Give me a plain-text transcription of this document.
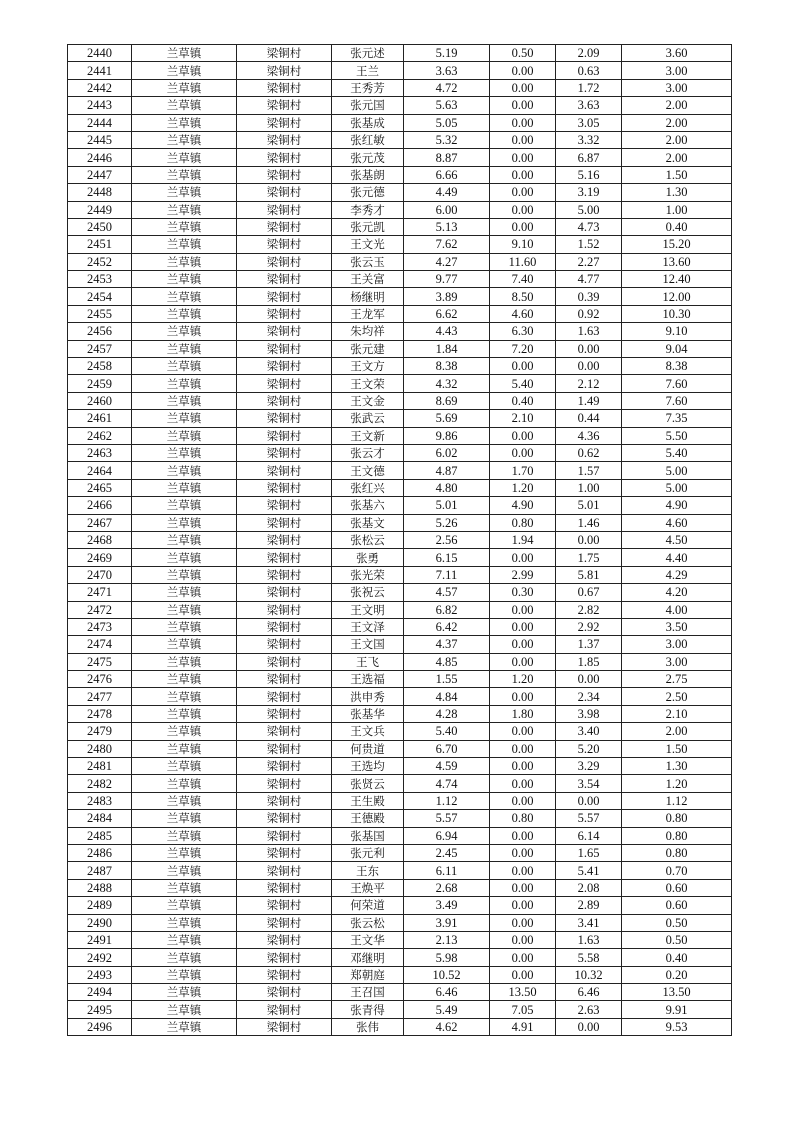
2440	兰草镇	梁铜村	张元述	5.19	0.50	2.09	3.60
2441	兰草镇	梁铜村	王兰	3.63	0.00	0.63	3.00
2442	兰草镇	梁铜村	王秀芳	4.72	0.00	1.72	3.00
2443	兰草镇	梁铜村	张元国	5.63	0.00	3.63	2.00
2444	兰草镇	梁铜村	张基成	5.05	0.00	3.05	2.00
2445	兰草镇	梁铜村	张红敏	5.32	0.00	3.32	2.00
2446	兰草镇	梁铜村	张元茂	8.87	0.00	6.87	2.00
2447	兰草镇	梁铜村	张基朗	6.66	0.00	5.16	1.50
2448	兰草镇	梁铜村	张元德	4.49	0.00	3.19	1.30
2449	兰草镇	梁铜村	李秀才	6.00	0.00	5.00	1.00
2450	兰草镇	梁铜村	张元凯	5.13	0.00	4.73	0.40
2451	兰草镇	梁铜村	王文光	7.62	9.10	1.52	15.20
2452	兰草镇	梁铜村	张云玉	4.27	11.60	2.27	13.60
2453	兰草镇	梁铜村	王关富	9.77	7.40	4.77	12.40
2454	兰草镇	梁铜村	杨继明	3.89	8.50	0.39	12.00
2455	兰草镇	梁铜村	王龙军	6.62	4.60	0.92	10.30
2456	兰草镇	梁铜村	朱均祥	4.43	6.30	1.63	9.10
2457	兰草镇	梁铜村	张元建	1.84	7.20	0.00	9.04
2458	兰草镇	梁铜村	王文方	8.38	0.00	0.00	8.38
2459	兰草镇	梁铜村	王文荣	4.32	5.40	2.12	7.60
2460	兰草镇	梁铜村	王文金	8.69	0.40	1.49	7.60
2461	兰草镇	梁铜村	张武云	5.69	2.10	0.44	7.35
2462	兰草镇	梁铜村	王文新	9.86	0.00	4.36	5.50
2463	兰草镇	梁铜村	张云才	6.02	0.00	0.62	5.40
2464	兰草镇	梁铜村	王文德	4.87	1.70	1.57	5.00
2465	兰草镇	梁铜村	张红兴	4.80	1.20	1.00	5.00
2466	兰草镇	梁铜村	张基六	5.01	4.90	5.01	4.90
2467	兰草镇	梁铜村	张基文	5.26	0.80	1.46	4.60
2468	兰草镇	梁铜村	张松云	2.56	1.94	0.00	4.50
2469	兰草镇	梁铜村	张勇	6.15	0.00	1.75	4.40
2470	兰草镇	梁铜村	张光荣	7.11	2.99	5.81	4.29
2471	兰草镇	梁铜村	张祝云	4.57	0.30	0.67	4.20
2472	兰草镇	梁铜村	王文明	6.82	0.00	2.82	4.00
2473	兰草镇	梁铜村	王文泽	6.42	0.00	2.92	3.50
2474	兰草镇	梁铜村	王文国	4.37	0.00	1.37	3.00
2475	兰草镇	梁铜村	王飞	4.85	0.00	1.85	3.00
2476	兰草镇	梁铜村	王选福	1.55	1.20	0.00	2.75
2477	兰草镇	梁铜村	洪申秀	4.84	0.00	2.34	2.50
2478	兰草镇	梁铜村	张基华	4.28	1.80	3.98	2.10
2479	兰草镇	梁铜村	王文兵	5.40	0.00	3.40	2.00
2480	兰草镇	梁铜村	何贵道	6.70	0.00	5.20	1.50
2481	兰草镇	梁铜村	王选均	4.59	0.00	3.29	1.30
2482	兰草镇	梁铜村	张贤云	4.74	0.00	3.54	1.20
2483	兰草镇	梁铜村	王生殿	1.12	0.00	0.00	1.12
2484	兰草镇	梁铜村	王德殿	5.57	0.80	5.57	0.80
2485	兰草镇	梁铜村	张基国	6.94	0.00	6.14	0.80
2486	兰草镇	梁铜村	张元利	2.45	0.00	1.65	0.80
2487	兰草镇	梁铜村	王东	6.11	0.00	5.41	0.70
2488	兰草镇	梁铜村	王焕平	2.68	0.00	2.08	0.60
2489	兰草镇	梁铜村	何荣道	3.49	0.00	2.89	0.60
2490	兰草镇	梁铜村	张云松	3.91	0.00	3.41	0.50
2491	兰草镇	梁铜村	王文华	2.13	0.00	1.63	0.50
2492	兰草镇	梁铜村	邓继明	5.98	0.00	5.58	0.40
2493	兰草镇	梁铜村	郑朝庭	10.52	0.00	10.32	0.20
2494	兰草镇	梁铜村	王召国	6.46	13.50	6.46	13.50
2495	兰草镇	梁铜村	张青得	5.49	7.05	2.63	9.91
2496	兰草镇	梁铜村	张伟	4.62	4.91	0.00	9.53
